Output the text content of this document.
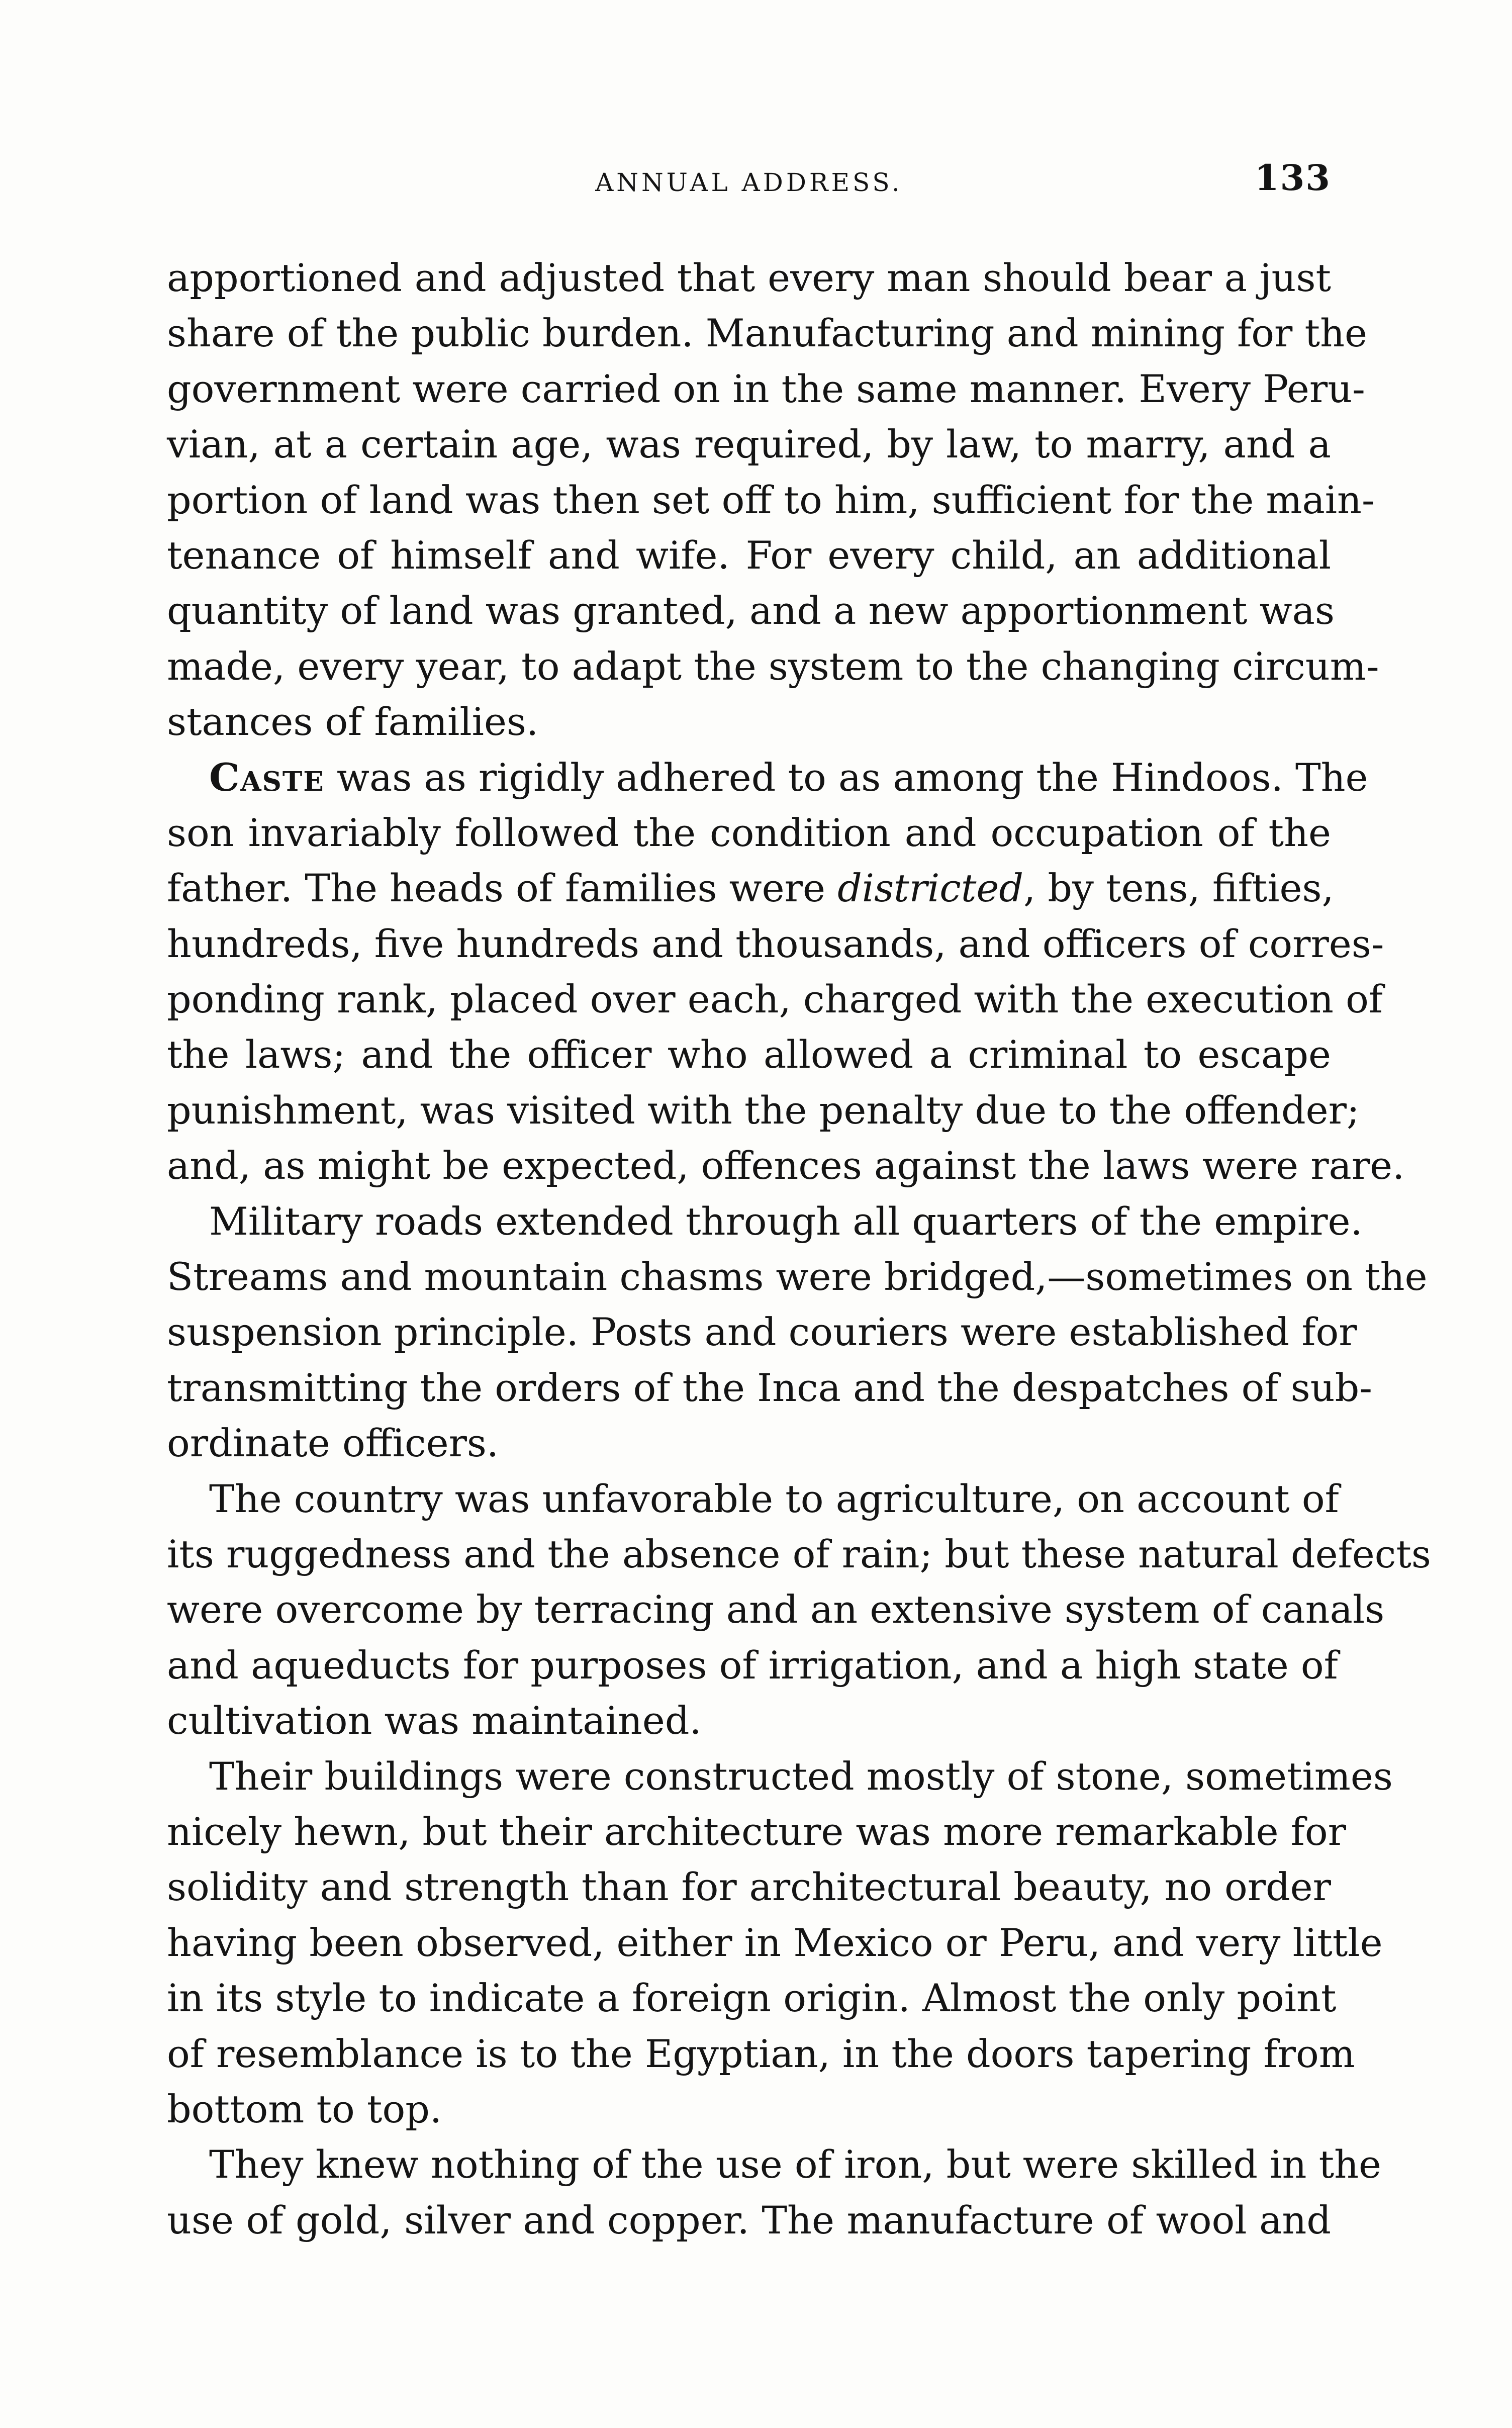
ANNUAL ADDRESS.	133
apportioned and adjusted that every man should bear a just
share of the public burden. Manufacturing and mining for the
government were carried on in the same manner. Every Peru-
vian, at a certain age, was required, by law, to marry, and a
portion of land was then set off to him, sufficient for the main-
tenance of himself and wife. For every child, an additional
quantity of land was granted, and a new apportionment was
made, every year, to adapt the system to the changing circum-
stances of families.
Caste was as rigidly adhered to as among the Hindoos. The
son invariably followed the condition and occupation of the
father. The heads of families were districted, by tens, fifties,
hundreds, five hundreds and thousands, and officers of corres-
ponding rank, placed over each, charged with the execution of
the laws; and the officer who allowed a criminal to escape
punishment, was visited with the penalty due to the offender;
and, as might be expected, offences against the laws were rare.
Military roads extended through all quarters of the empire.
Streams and mountain chasms were bridged,—sometimes on the
suspension principle. Posts and couriers were established for
transmitting the orders of the Inca and the despatches of sub-
ordinate officers.
The country was unfavorable to agriculture, on account of
its ruggedness and the absence of rain; but these natural defects
were overcome by terracing and an extensive system of canals
and aqueducts for purposes of irrigation, and a high state of
cultivation was maintained.
Their buildings were constructed mostly of stone, sometimes
nicely hewn, but their architecture was more remarkable for
solidity and strength than for architectural beauty, no order
having been observed, either in Mexico or Peru, and very little
in its style to indicate a foreign origin. Almost the only point
of resemblance is to the Egyptian, in the doors tapering from
bottom to top.
They knew nothing of the use of iron, but were skilled in the
use of gold, silver and copper. The manufacture of wool and
